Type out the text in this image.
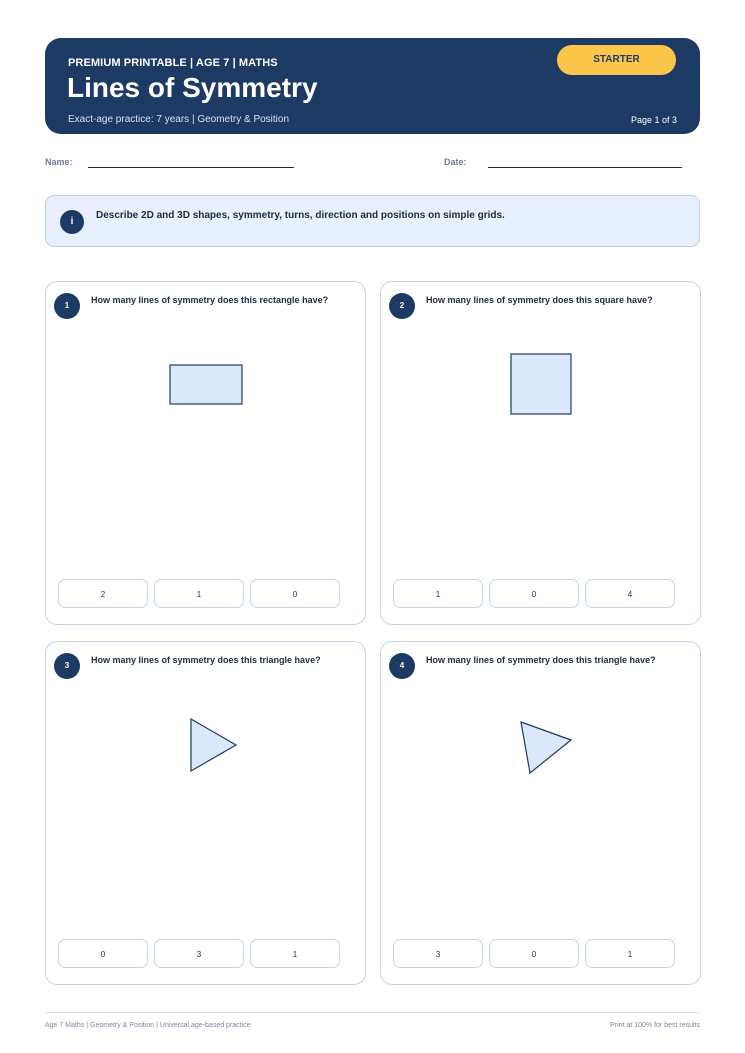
PREMIUM PRINTABLE | AGE 7 | MATHS
Lines of Symmetry
Exact-age practice: 7 years | Geometry & Position	Page 1 of 3
STARTER
Name:	Date:
i
Describe 2D and 3D shapes, symmetry, turns, direction and positions on simple grids.
1
How many lines of symmetry does this rectangle have?
2	1	0
2
How many lines of symmetry does this square have?
1	0	4
3
How many lines of symmetry does this triangle have?
0	3	1
4
How many lines of symmetry does this triangle have?
3	0	1
Age 7 Maths | Geometry & Position | Universal age-based practice	Print at 100% for best results
